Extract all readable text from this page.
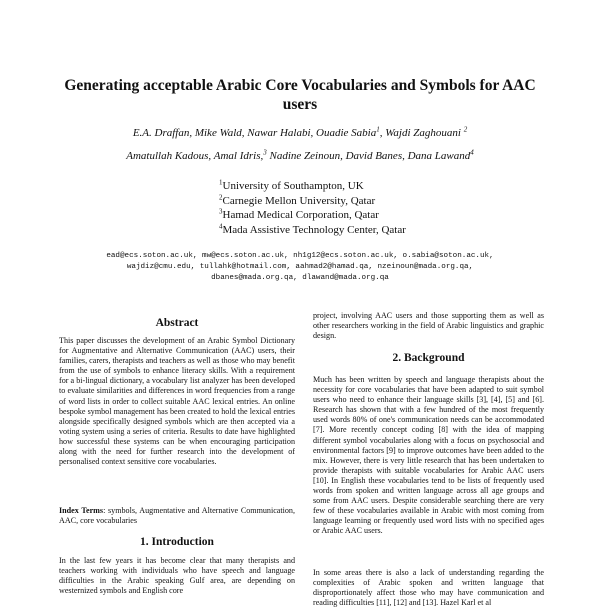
Generating acceptable Arabic Core Vocabularies and Symbols for AAC
users
E.A. Draffan, Mike Wald, Nawar Halabi, Ouadie Sabia$^1$, Wajdi Zaghouani $^2$
Amatullah Kadous, Amal Idris,$^3$ Nadine Zeinoun, David Banes, Dana Lawand$^4$
$^1$University of Southampton, UK
$^2$Carnegie Mellon University, Qatar
$^3$Hamad Medical Corporation, Qatar
$^4$Mada Assistive Technology Center, Qatar
ead@ecs.soton.ac.uk, mw@ecs.soton.ac.uk, nh1g12@ecs.soton.ac.uk, o.sabia@soton.ac.uk,
wajdiz@cmu.edu, tullahk@hotmail.com, aahmad2@hamad.qa, nzeinoun@mada.org.qa,
dbanes@mada.org.qa, dlawand@mada.org.qa
Abstract
This paper discusses the development of an Arabic Symbol Dictionary for Augmentative and Alternative Communication (AAC) users, their families, carers, therapists and teachers as well as those who may benefit from the use of symbols to enhance literacy skills. With a requirement for a bi-lingual dictionary, a vocabulary list analyzer has been developed to evaluate similarities and differences in word frequencies from a range of word lists in order to collect suitable AAC lexical entries. An online bespoke symbol management has been created to hold the lexical entries alongside specifically designed symbols which are then accepted via a voting system using a series of criteria. Results to date have highlighted how successful these systems can be when encouraging participation along with the need for further research into the development of personalised context sensitive core vocabularies.
Index Terms: symbols, Augmentative and Alternative Communication, AAC, core vocabularies
1. Introduction
In the last few years it has become clear that many therapists and teachers working with individuals who have speech and language difficulties in the Arabic speaking Gulf area, are depending on westernized symbols and English core
project, involving AAC users and those supporting them as well as other researchers working in the field of Arabic linguistics and graphic design.
2. Background
Much has been written by speech and language therapists about the necessity for core vocabularies that have been adapted to suit symbol users who need to enhance their language skills [3], [4], [5] and [6]. Research has shown that with a few hundred of the most frequently used words 80% of one's communication needs can be accommodated [7]. More recently concept coding [8] with the idea of mapping different symbol vocabularies along with a focus on psychosocial and environmental factors [9] to improve outcomes have been added to the mix. However, there is very little research that has been undertaken to provide therapists with suitable vocabularies for Arabic AAC users [10]. In English these vocabularies tend to be lists of frequently used words from spoken and written language across all age groups and some from AAC users. Despite considerable searching there are very few of these vocabularies available in Arabic with most coming from language learning or frequently used word lists with no specified ages or Arabic AAC users.
In some areas there is also a lack of understanding regarding the complexities of Arabic spoken and written language that disproportionately affect those who may have communication and reading difficulties [11], [12] and [13]. Hazel Karl et al
